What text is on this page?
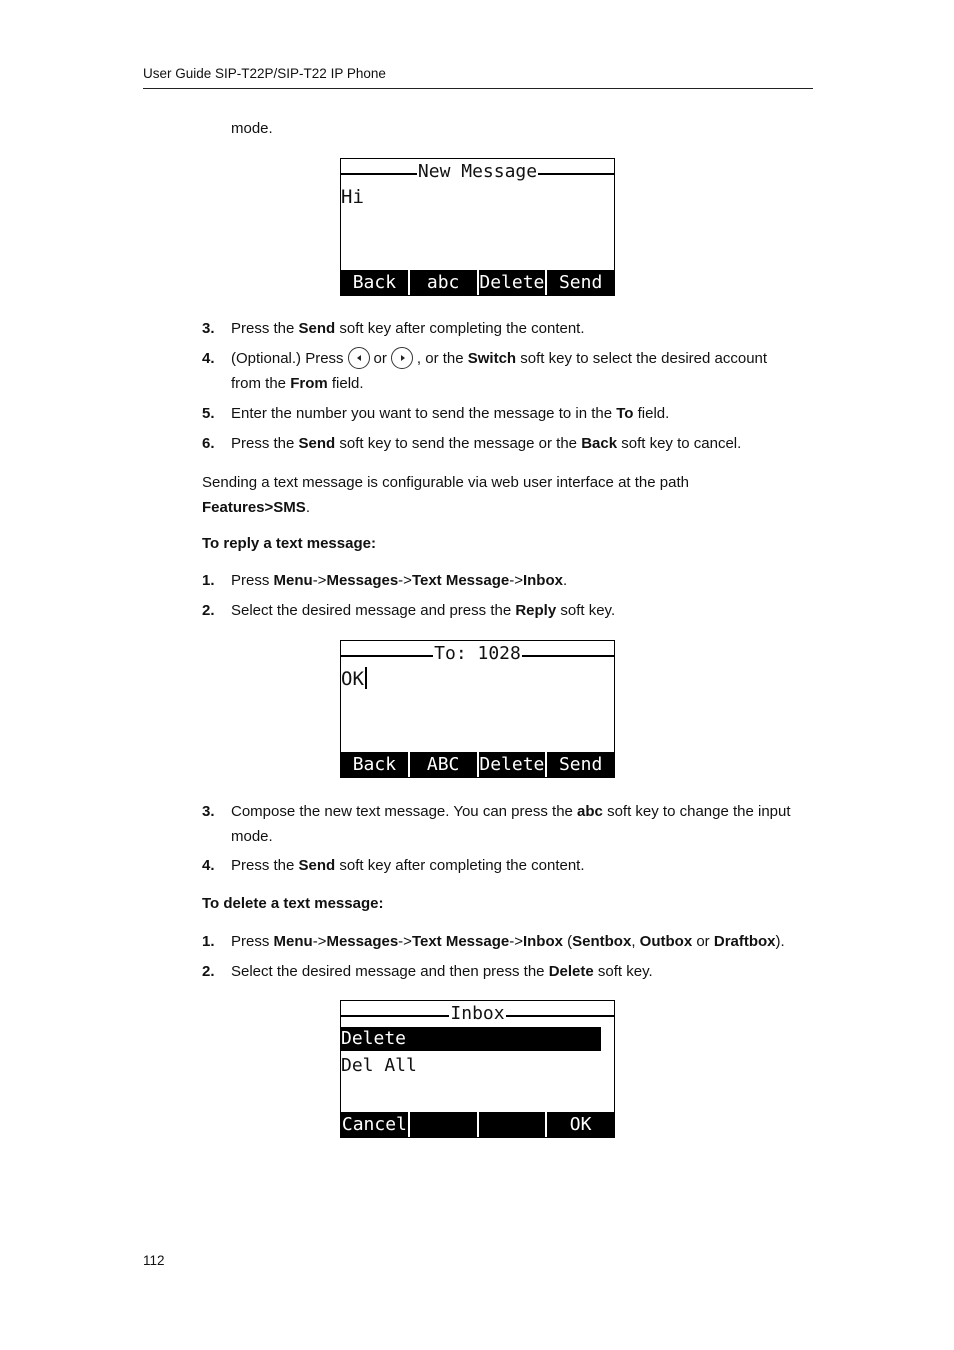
User Guide SIP-T22P/SIP-T22 IP Phone
mode.
New Message
Hi
Back	abc	Delete Send
3. Press the Send soft key after completing the content.
4. (Optional.) Press or , or the Switch soft key to select the desired account
from the From field.
5. Enter the number you want to send the message to in the To field.
6. Press the Send soft key to send the message or the Back soft key to cancel.
Sending a text message is configurable via web user interface at the path
Features>SMS.
To reply a text message:
1. Press Menu->Messages->Text Message->Inbox.
2. Select the desired message and press the Reply soft key.
To: 1028
OK
Back	ABC	Delete Send
3. Compose the new text message. You can press the abc soft key to change the input
mode.
4. Press the Send soft key after completing the content.
To delete a text message:
1. Press Menu->Messages->Text Message->Inbox (Sentbox, Outbox or Draftbox).
2. Select the desired message and then press the Delete soft key.
Inbox
Delete
Del All
Cancel	OK
112
